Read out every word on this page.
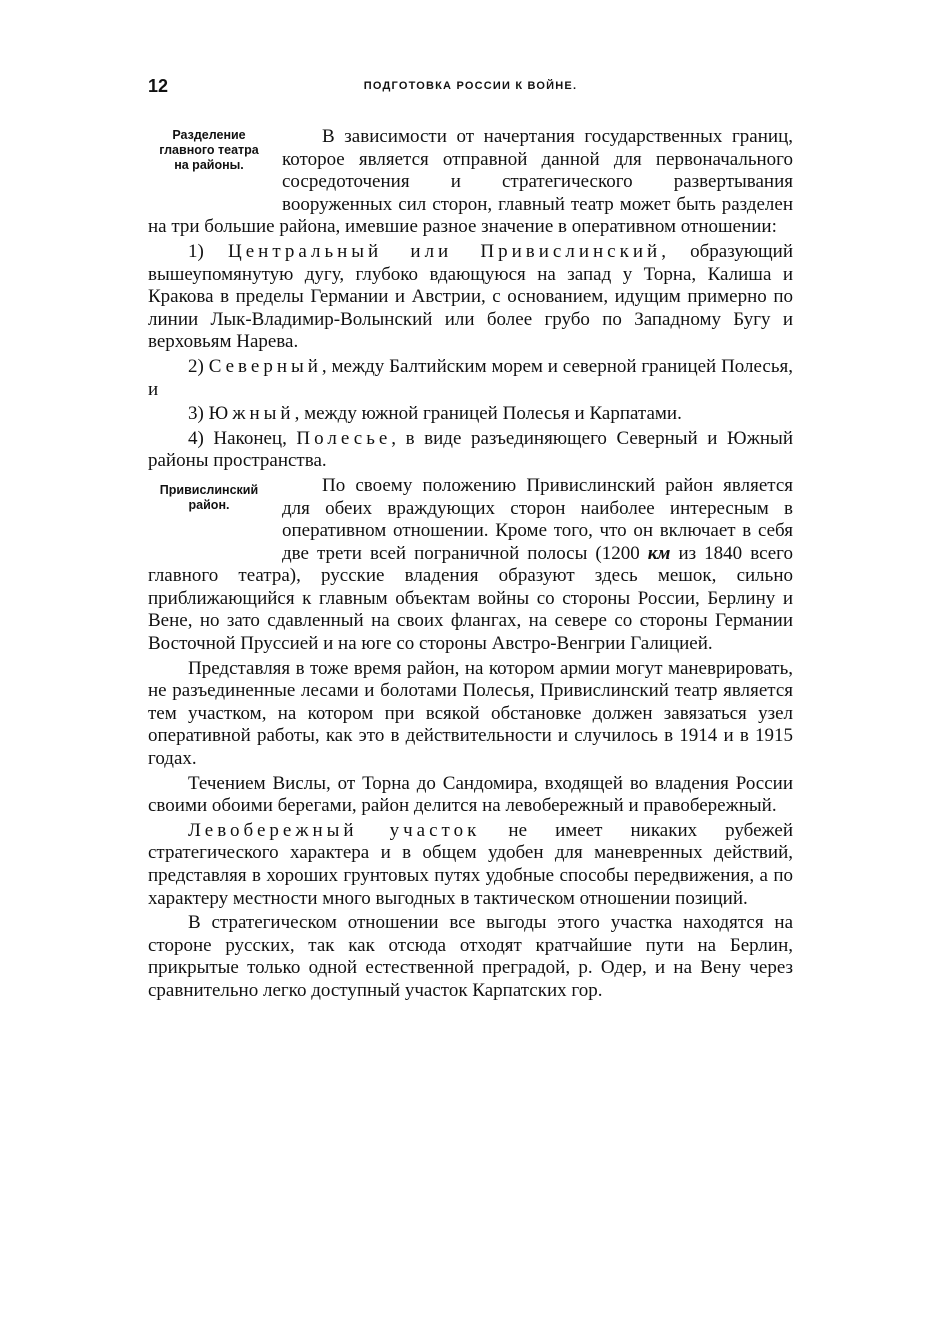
12	ПОДГОТОВКА РОССИИ К ВОЙНЕ.
Разделение
главного театра
на районы.

В зависимости от начертания государственных границ, которое является отправной данной для первоначального сосредоточения и стратегического развертывания вооруженных сил сторон, главный театр может быть разделен на три большие района, имевшие разное значение в оперативном отношении:

1) Центральный или Привислинский, образующий вышеупомянутую дугу, глубоко вдающуюся на запад у Торна, Калиша и Кракова в пределы Германии и Австрии, с основанием, идущим примерно по линии Лык-Владимир-Волынский или более грубо по Западному Бугу и верховьям Нарева.

2) Северный, между Балтийским морем и северной границей Полесья, и

3) Южный, между южной границей Полесья и Карпатами.

4) Наконец, Полесье, в виде разъединяющего Северный и Южный районы пространства.

Привислинский
район.

По своему положению Привислинский район является для обеих враждующих сторон наиболее интересным в оперативном отношении. Кроме того, что он включает в себя две трети всей пограничной полосы (1200 км из 1840 всего главного театра), русские владения образуют здесь мешок, сильно приближающийся к главным объектам войны со стороны России, Берлину и Вене, но зато сдавленный на своих флангах, на севере со стороны Германии Восточной Пруссией и на юге со стороны Австро-Венгрии Галицией.

Представляя в тоже время район, на котором армии могут маневрировать, не разъединенные лесами и болотами Полесья, Привислинский театр является тем участком, на котором при всякой обстановке должен завязаться узел оперативной работы, как это в действительности и случилось в 1914 и в 1915 годах.

Течением Вислы, от Торна до Сандомира, входящей во владения России своими обоими берегами, район делится на левобережный и правобережный.

Левобережный участок не имеет никаких рубежей стратегического характера и в общем удобен для маневренных действий, представляя в хороших грунтовых путях удобные способы передвижения, а по характеру местности много выгодных в тактическом отношении позиций.

В стратегическом отношении все выгоды этого участка находятся на стороне русских, так как отсюда отходят кратчайшие пути на Берлин, прикрытые только одной естественной преградой, р. Одер, и на Вену через сравнительно легко доступный участок Карпатских гор.
